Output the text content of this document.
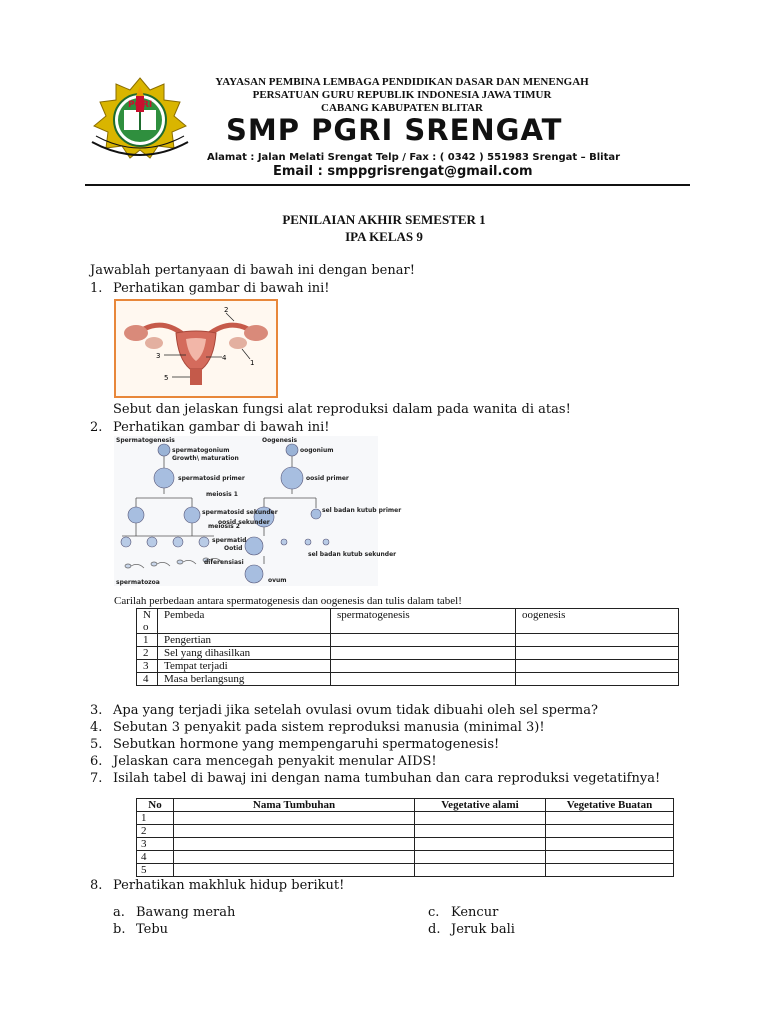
PGRI
YAYASAN PEMBINA LEMBAGA PENDIDIKAN DASAR DAN MENENGAH
PERSATUAN GURU REPUBLIK INDONESIA JAWA TIMUR
CABANG KABUPATEN BLITAR
SMP PGRI SRENGAT
Alamat : Jalan Melati Srengat Telp / Fax : ( 0342 ) 551983 Srengat – Blitar
Email : smppgrisrengat@gmail.com
PENILAIAN AKHIR SEMESTER 1
IPA KELAS 9
Jawablah pertanyaan di bawah ini dengan benar!
1. Perhatikan gambar di bawah ini!
1
2
3	4
5
Sebut dan jelaskan fungsi alat reproduksi dalam pada wanita di atas!
2. Perhatikan gambar di bawah ini!
Spermatogenesis	Oogenesis
spermatogonium
Growth\ maturation
oogonium
spermatosid primer	oosid primer
meiosis 1
spermatosid sekunder
oosid sekunder
sel badan kutub primer
meiosis 2
spermatid
Ootid
sel badan kutub sekunder
diferensiasi
ovum
spermatozoa
Carilah perbedaan antara spermatogenesis dan oogenesis dan tulis dalam tabel!
N o	Pembeda	spermatogenesis	oogenesis
1	Pengertian		
2	Sel yang dihasilkan		
3	Tempat terjadi		
4	Masa berlangsung		
3. Apa yang terjadi jika setelah ovulasi ovum tidak dibuahi oleh sel sperma?
4. Sebutan 3 penyakit pada sistem reproduksi manusia (minimal 3)!
5. Sebutkan hormone yang mempengaruhi spermatogenesis!
6. Jelaskan cara mencegah penyakit menular AIDS!
7. Isilah tabel di bawaj ini dengan nama tumbuhan dan cara reproduksi vegetatifnya!
No	Nama Tumbuhan	Vegetative alami	Vegetative Buatan
1			
2			
3			
4			
5			
8. Perhatikan makhluk hidup berikut!
a. Bawang merah
b. Tebu
c. Kencur
d. Jeruk bali
